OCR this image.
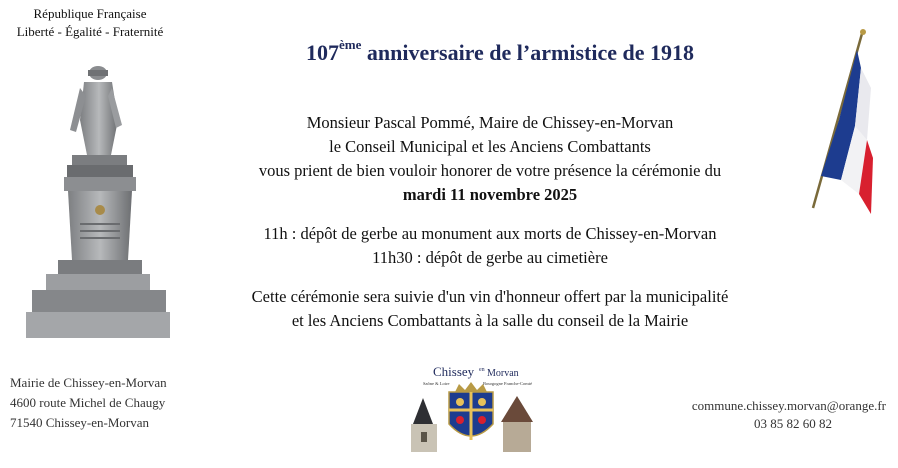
République Française
Liberté - Égalité - Fraternité
107ème anniversaire de l’armistice de 1918
Monsieur Pascal Pommé, Maire de Chissey-en-Morvan
le Conseil Municipal et les Anciens Combattants
vous prient de bien vouloir honorer de votre présence la cérémonie du
mardi 11 novembre 2025
11h : dépôt de gerbe au monument aux morts de Chissey-en-Morvan
11h30 : dépôt de gerbe au cimetière
Cette cérémonie sera suivie d'un vin d'honneur offert par la municipalité
et les Anciens Combattants à la salle du conseil de la Mairie
Mairie de Chissey-en-Morvan
4600 route Michel de Chaugy
71540 Chissey-en-Morvan
Chissey en Morvan
Saône & Loire	Bourgogne Franche-Comté
commune.chissey.morvan@orange.fr
03 85 82 60 82
